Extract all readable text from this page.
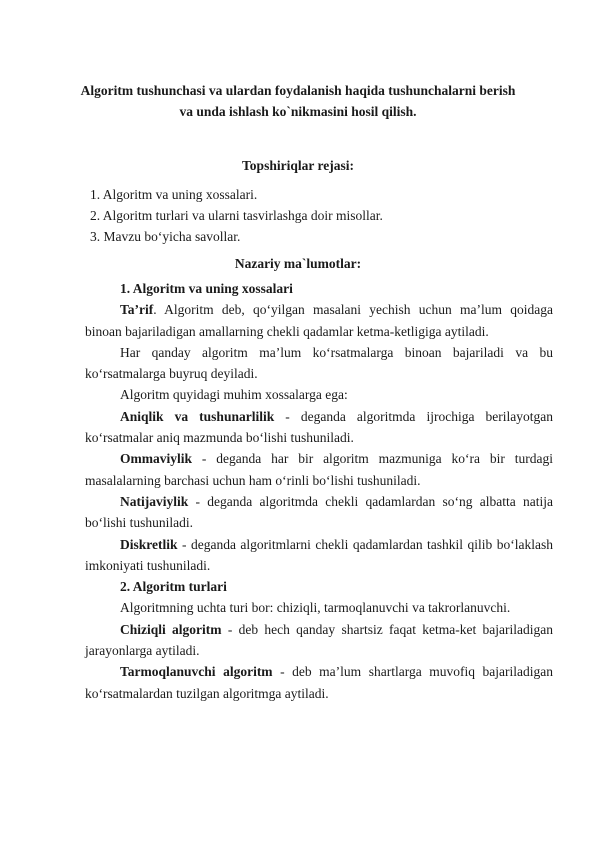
Algoritm tushunchasi va ulardan foydalanish haqida tushunchalarni berish
va unda ishlash ko`nikmasini hosil qilish.
Topshiriqlar rejasi:
1. Algoritm va uning xossalari.
2. Algoritm turlari va ularni tasvirlashga doir misollar.
3. Mavzu bo‘yicha savollar.
Nazariy ma`lumotlar:

1. Algoritm va uning xossalari

Ta’rif. Algoritm deb, qo‘yilgan masalani yechish uchun ma’lum qoidaga binoan bajariladigan amallarning chekli qadamlar ketma-ketligiga aytiladi.

Har qanday algoritm ma’lum ko‘rsatmalarga binoan bajariladi va bu ko‘rsatmalarga buyruq deyiladi.

Algoritm quyidagi muhim xossalarga ega:

Aniqlik va tushunarlilik - deganda algoritmda ijrochiga berilayotgan ko‘rsatmalar aniq mazmunda bo‘lishi tushuniladi.

Ommaviylik - deganda har bir algoritm mazmuniga ko‘ra bir turdagi masalalarning barchasi uchun ham o‘rinli bo‘lishi tushuniladi.

Natijaviylik - deganda algoritmda chekli qadamlardan so‘ng albatta natija bo‘lishi tushuniladi.

Diskretlik - deganda algoritmlarni chekli qadamlardan tashkil qilib bo‘laklash imkoniyati tushuniladi.

2. Algoritm turlari

Algoritmning uchta turi bor: chiziqli, tarmoqlanuvchi va takrorlanuvchi.

Chiziqli algoritm - deb hech qanday shartsiz faqat ketma-ket bajariladigan jarayonlarga aytiladi.

Tarmoqlanuvchi algoritm - deb ma’lum shartlarga muvofiq bajariladigan ko‘rsatmalardan tuzilgan algoritmga aytiladi.
